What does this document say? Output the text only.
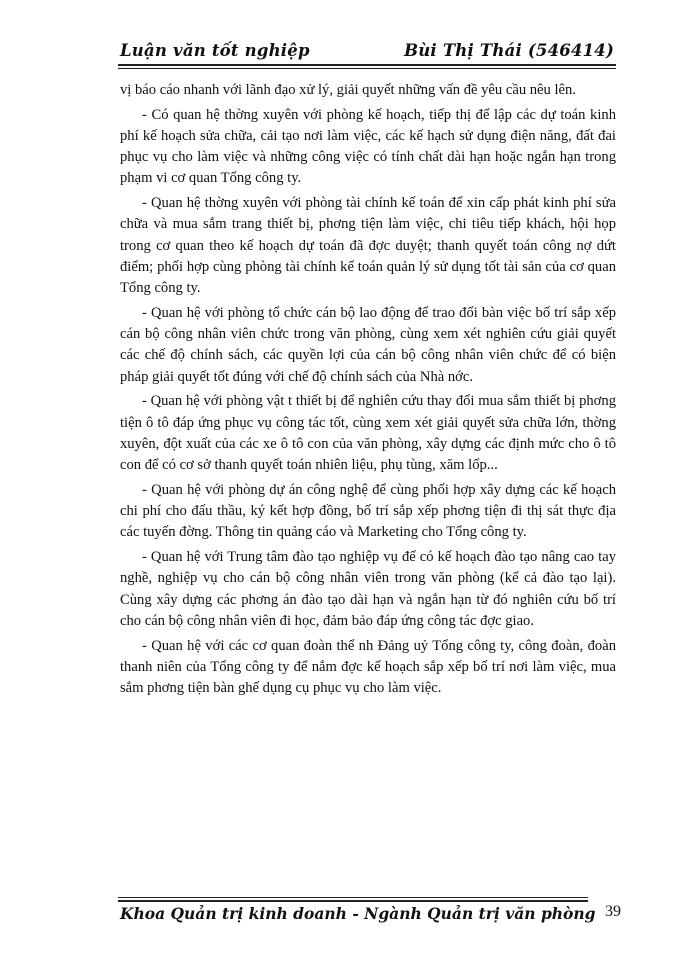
Luận văn tốt nghiệp	Bùi Thị Thái (546414)

vị báo cáo nhanh với lãnh đạo xử lý, giải quyết những vấn đề yêu cầu nêu lên.

- Có quan hệ thờng xuyên với phòng kế hoạch, tiếp thị để lập các dự toán kinh phí kế hoạch sửa chữa, cải tạo nơi làm việc, các kế hạch sử dụng điện năng, đất đai phục vụ cho làm việc và những công việc có tính chất dài hạn hoặc ngắn hạn trong phạm vi cơ quan Tổng công ty.

- Quan hệ thờng xuyên với phòng tài chính kế toán để xin cấp phát kinh phí sửa chữa và mua sắm trang thiết bị, phơng tiện làm việc, chi tiêu tiếp khách, hội họp trong cơ quan theo kế hoạch dự toán đã đợc duyệt; thanh quyết toán công nợ dứt điểm; phối hợp cùng phòng tài chính kế toán quản lý sử dụng tốt tài sản của cơ quan Tổng công ty.

- Quan hệ với phòng tổ chức cán bộ lao động để trao đổi bàn việc bố trí sắp xếp cán bộ công nhân viên chức trong văn phòng, cùng xem xét nghiên cứu giải quyết các chế độ chính sách, các quyền lợi của cán bộ công nhân viên chức để có biện pháp giải quyết tốt đúng với chế độ chính sách của Nhà nớc.

- Quan hệ với phòng vật t thiết bị để nghiên cứu thay đổi mua sắm thiết bị phơng tiện ô tô đáp ứng phục vụ công tác tốt, cùng xem xét giải quyết sửa chữa lớn, thờng xuyên, đột xuất của các xe ô tô con của văn phòng, xây dựng các định mức cho ô tô con để có cơ sở thanh quyết toán nhiên liệu, phụ tùng, xăm lốp...

- Quan hệ với phòng dự án công nghệ để cùng phối hợp xây dựng các kế hoạch chi phí cho đấu thầu, ký kết hợp đồng, bố trí sắp xếp phơng tiện đi thị sát thực địa các tuyến đờng. Thông tin quảng cáo và Marketing cho Tổng công ty.

- Quan hệ với Trung tâm đào tạo nghiệp vụ để có kế hoạch đào tạo nâng cao tay nghề, nghiệp vụ cho cán bộ công nhân viên trong văn phòng (kể cả đào tạo lại). Cùng xây dựng các phơng án đào tạo dài hạn và ngắn hạn từ đó nghiên cứu bố trí cho cán bộ công nhân viên đi học, đảm bảo đáp ứng công tác đợc giao.

- Quan hệ với các cơ quan đoàn thể nh Đảng uỷ Tổng công ty, công đoàn, đoàn thanh niên của Tổng công ty để nắm đợc kế hoạch sắp xếp bố trí nơi làm việc, mua sắm phơng tiện bàn ghế dụng cụ phục vụ cho làm việc.

Khoa Quản trị kinh doanh - Ngành Quản trị văn phòng 39
